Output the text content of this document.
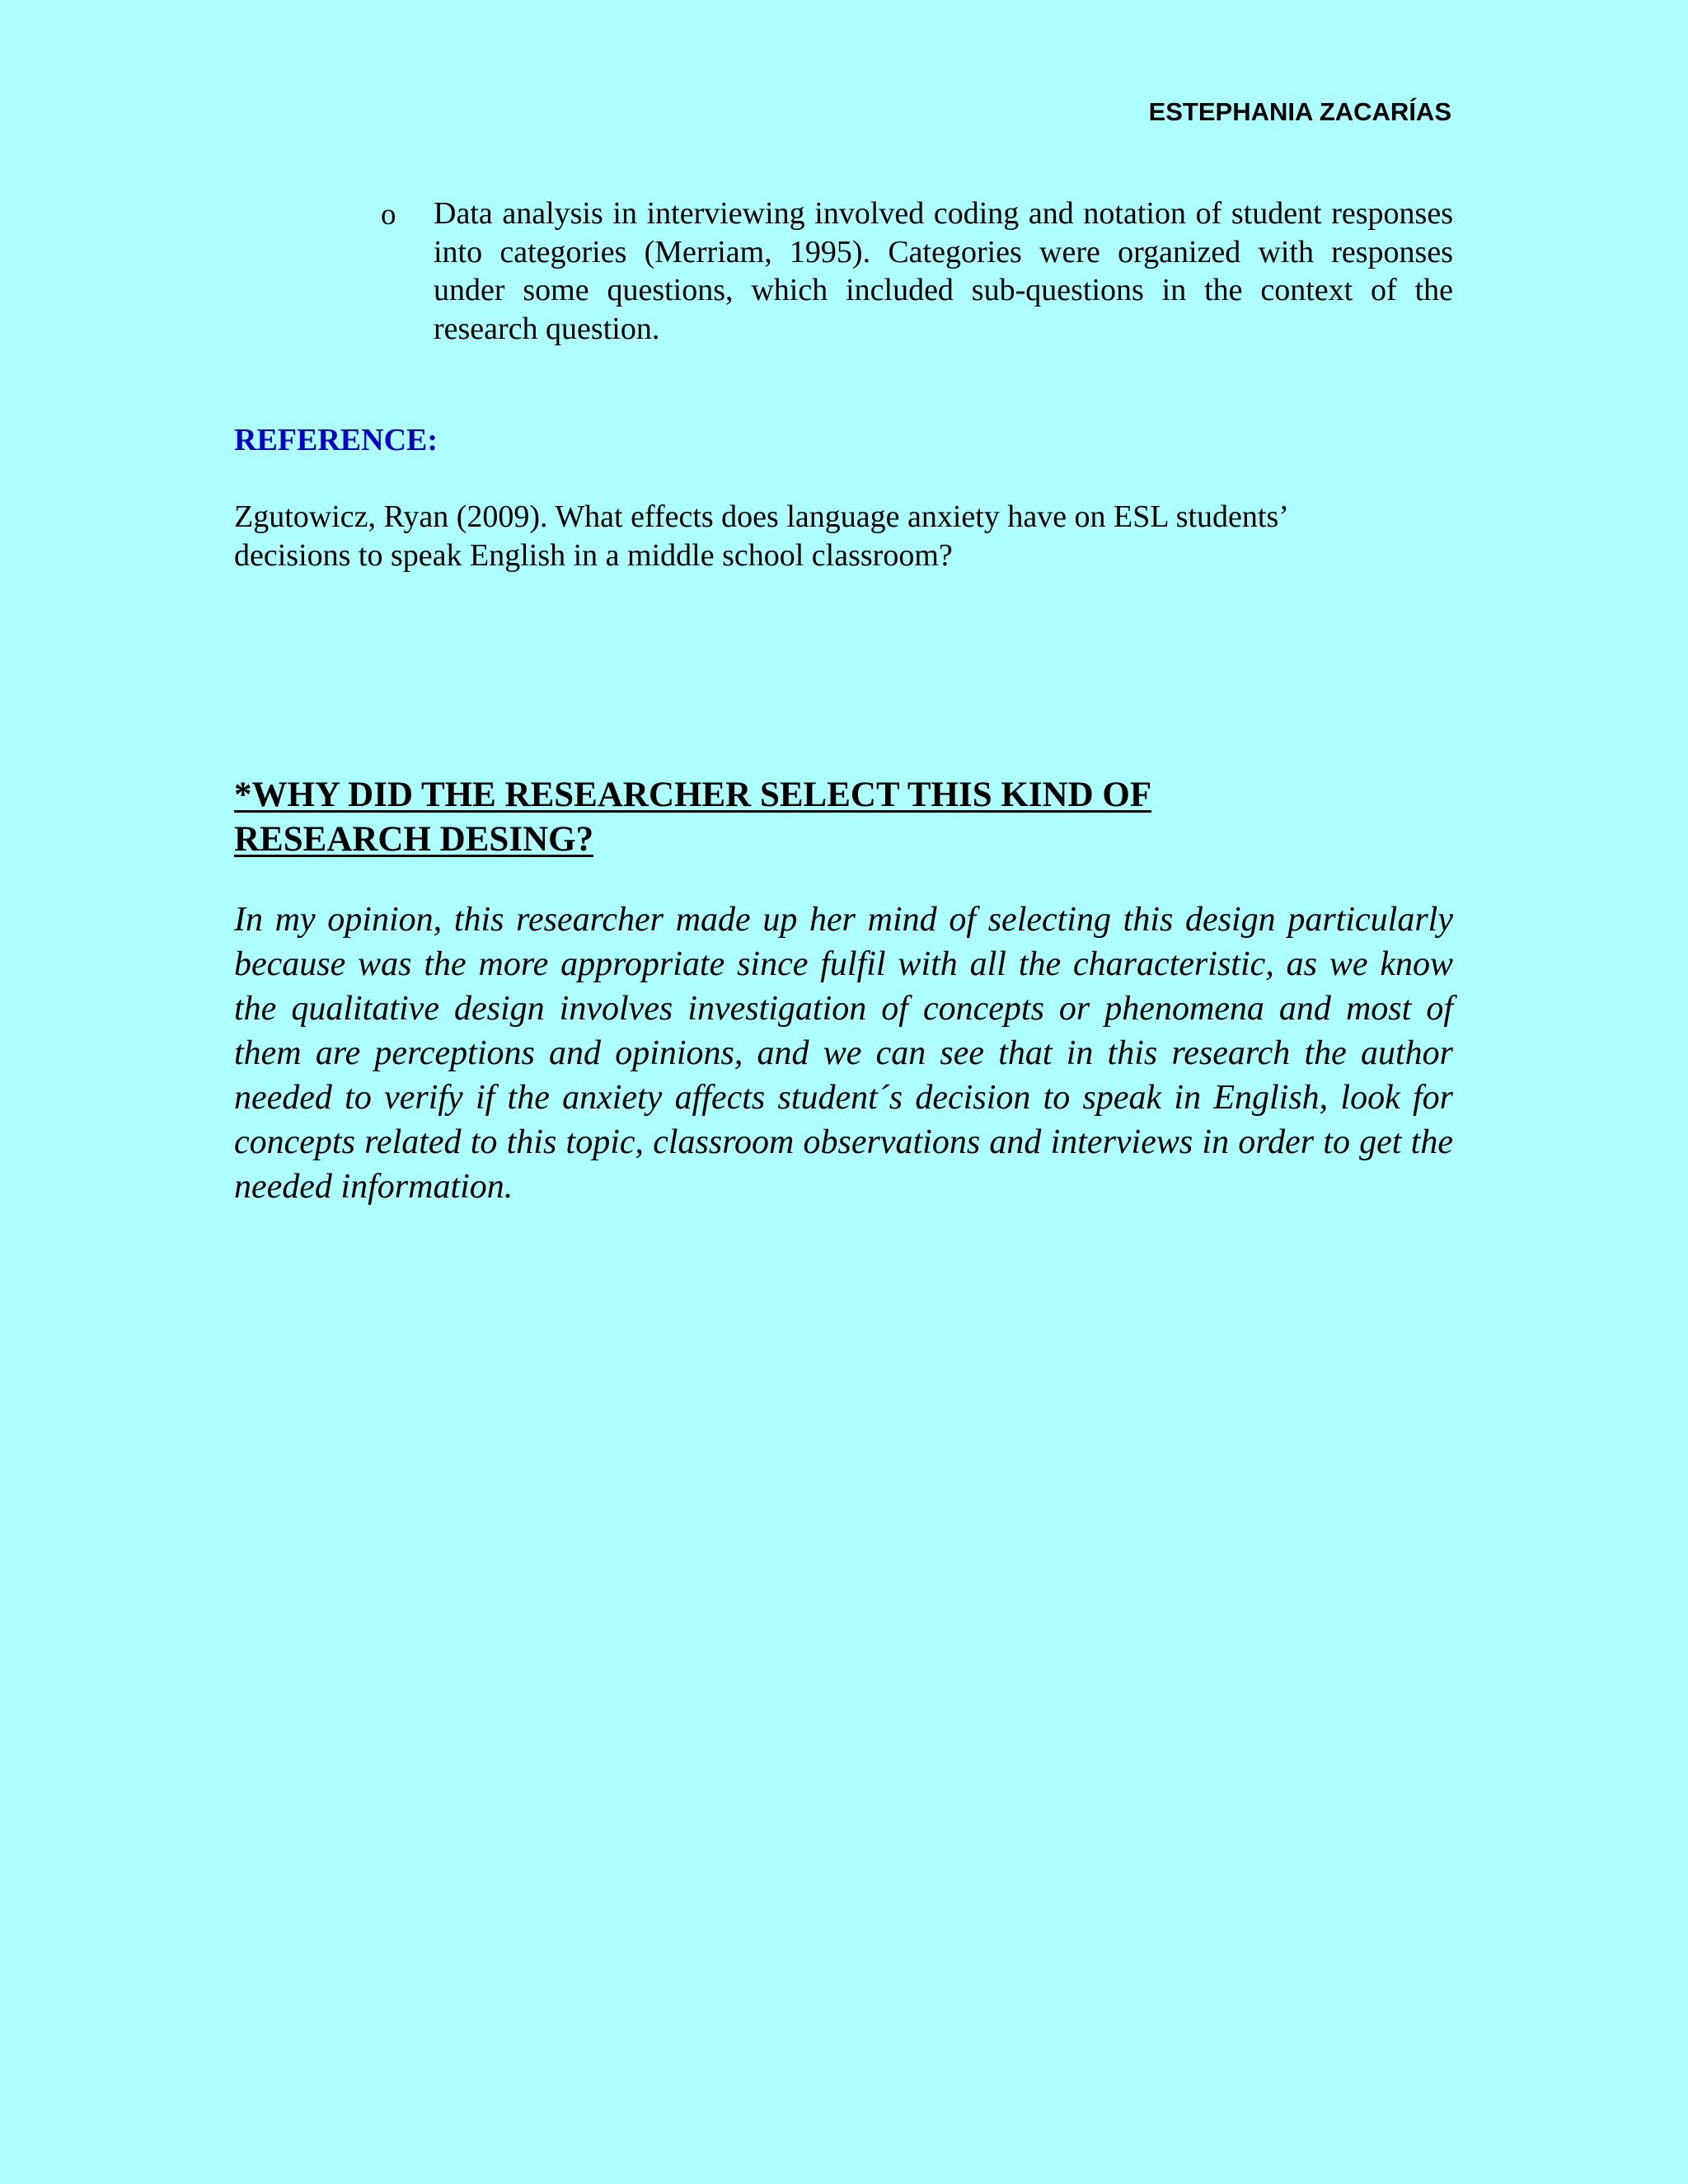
ESTEPHANIA ZACARÍAS
o Data analysis in interviewing involved coding and notation of student responses into categories (Merriam, 1995). Categories were organized with responses under some questions, which included sub-questions in the context of the research question.
REFERENCE:
Zgutowicz, Ryan (2009). What effects does language anxiety have on ESL students’ decisions to speak English in a middle school classroom?
*WHY DID THE RESEARCHER SELECT THIS KIND OF RESEARCH DESING?
In my opinion, this researcher made up her mind of selecting this design particularly because was the more appropriate since fulfil with all the characteristic, as we know the qualitative design involves investigation of concepts or phenomena and most of them are perceptions and opinions, and we can see that in this research the author needed to verify if the anxiety affects student´s decision to speak in English, look for concepts related to this topic, classroom observations and interviews in order to get the needed information.
